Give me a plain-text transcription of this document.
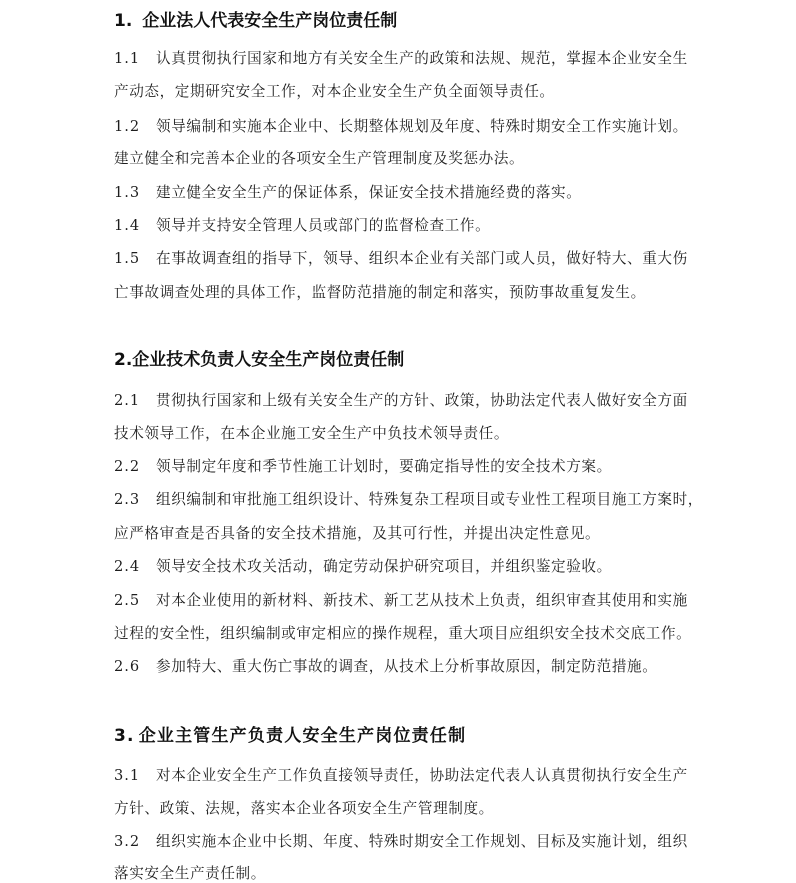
1. 企业法人代表安全生产岗位责任制
1.1 认真贯彻执行国家和地方有关安全生产的政策和法规、规范，掌握本企业安全生
产动态，定期研究安全工作，对本企业安全生产负全面领导责任。
1.2 领导编制和实施本企业中、长期整体规划及年度、特殊时期安全工作实施计划。
建立健全和完善本企业的各项安全生产管理制度及奖惩办法。
1.3 建立健全安全生产的保证体系，保证安全技术措施经费的落实。
1.4 领导并支持安全管理人员或部门的监督检查工作。
1.5 在事故调查组的指导下，领导、组织本企业有关部门或人员，做好特大、重大伤
亡事故调查处理的具体工作，监督防范措施的制定和落实，预防事故重复发生。
2.企业技术负责人安全生产岗位责任制
2.1 贯彻执行国家和上级有关安全生产的方针、政策，协助法定代表人做好安全方面
技术领导工作，在本企业施工安全生产中负技术领导责任。
2.2 领导制定年度和季节性施工计划时，要确定指导性的安全技术方案。
2.3 组织编制和审批施工组织设计、特殊复杂工程项目或专业性工程项目施工方案时，
应严格审查是否具备的安全技术措施，及其可行性，并提出决定性意见。
2.4 领导安全技术攻关活动，确定劳动保护研究项目，并组织鉴定验收。
2.5 对本企业使用的新材料、新技术、新工艺从技术上负责，组织审查其使用和实施
过程的安全性，组织编制或审定相应的操作规程，重大项目应组织安全技术交底工作。
2.6 参加特大、重大伤亡事故的调查，从技术上分析事故原因，制定防范措施。
3. 企业主管生产负责人安全生产岗位责任制
3.1 对本企业安全生产工作负直接领导责任，协助法定代表人认真贯彻执行安全生产
方针、政策、法规，落实本企业各项安全生产管理制度。
3.2 组织实施本企业中长期、年度、特殊时期安全工作规划、目标及实施计划，组织
落实安全生产责任制。
